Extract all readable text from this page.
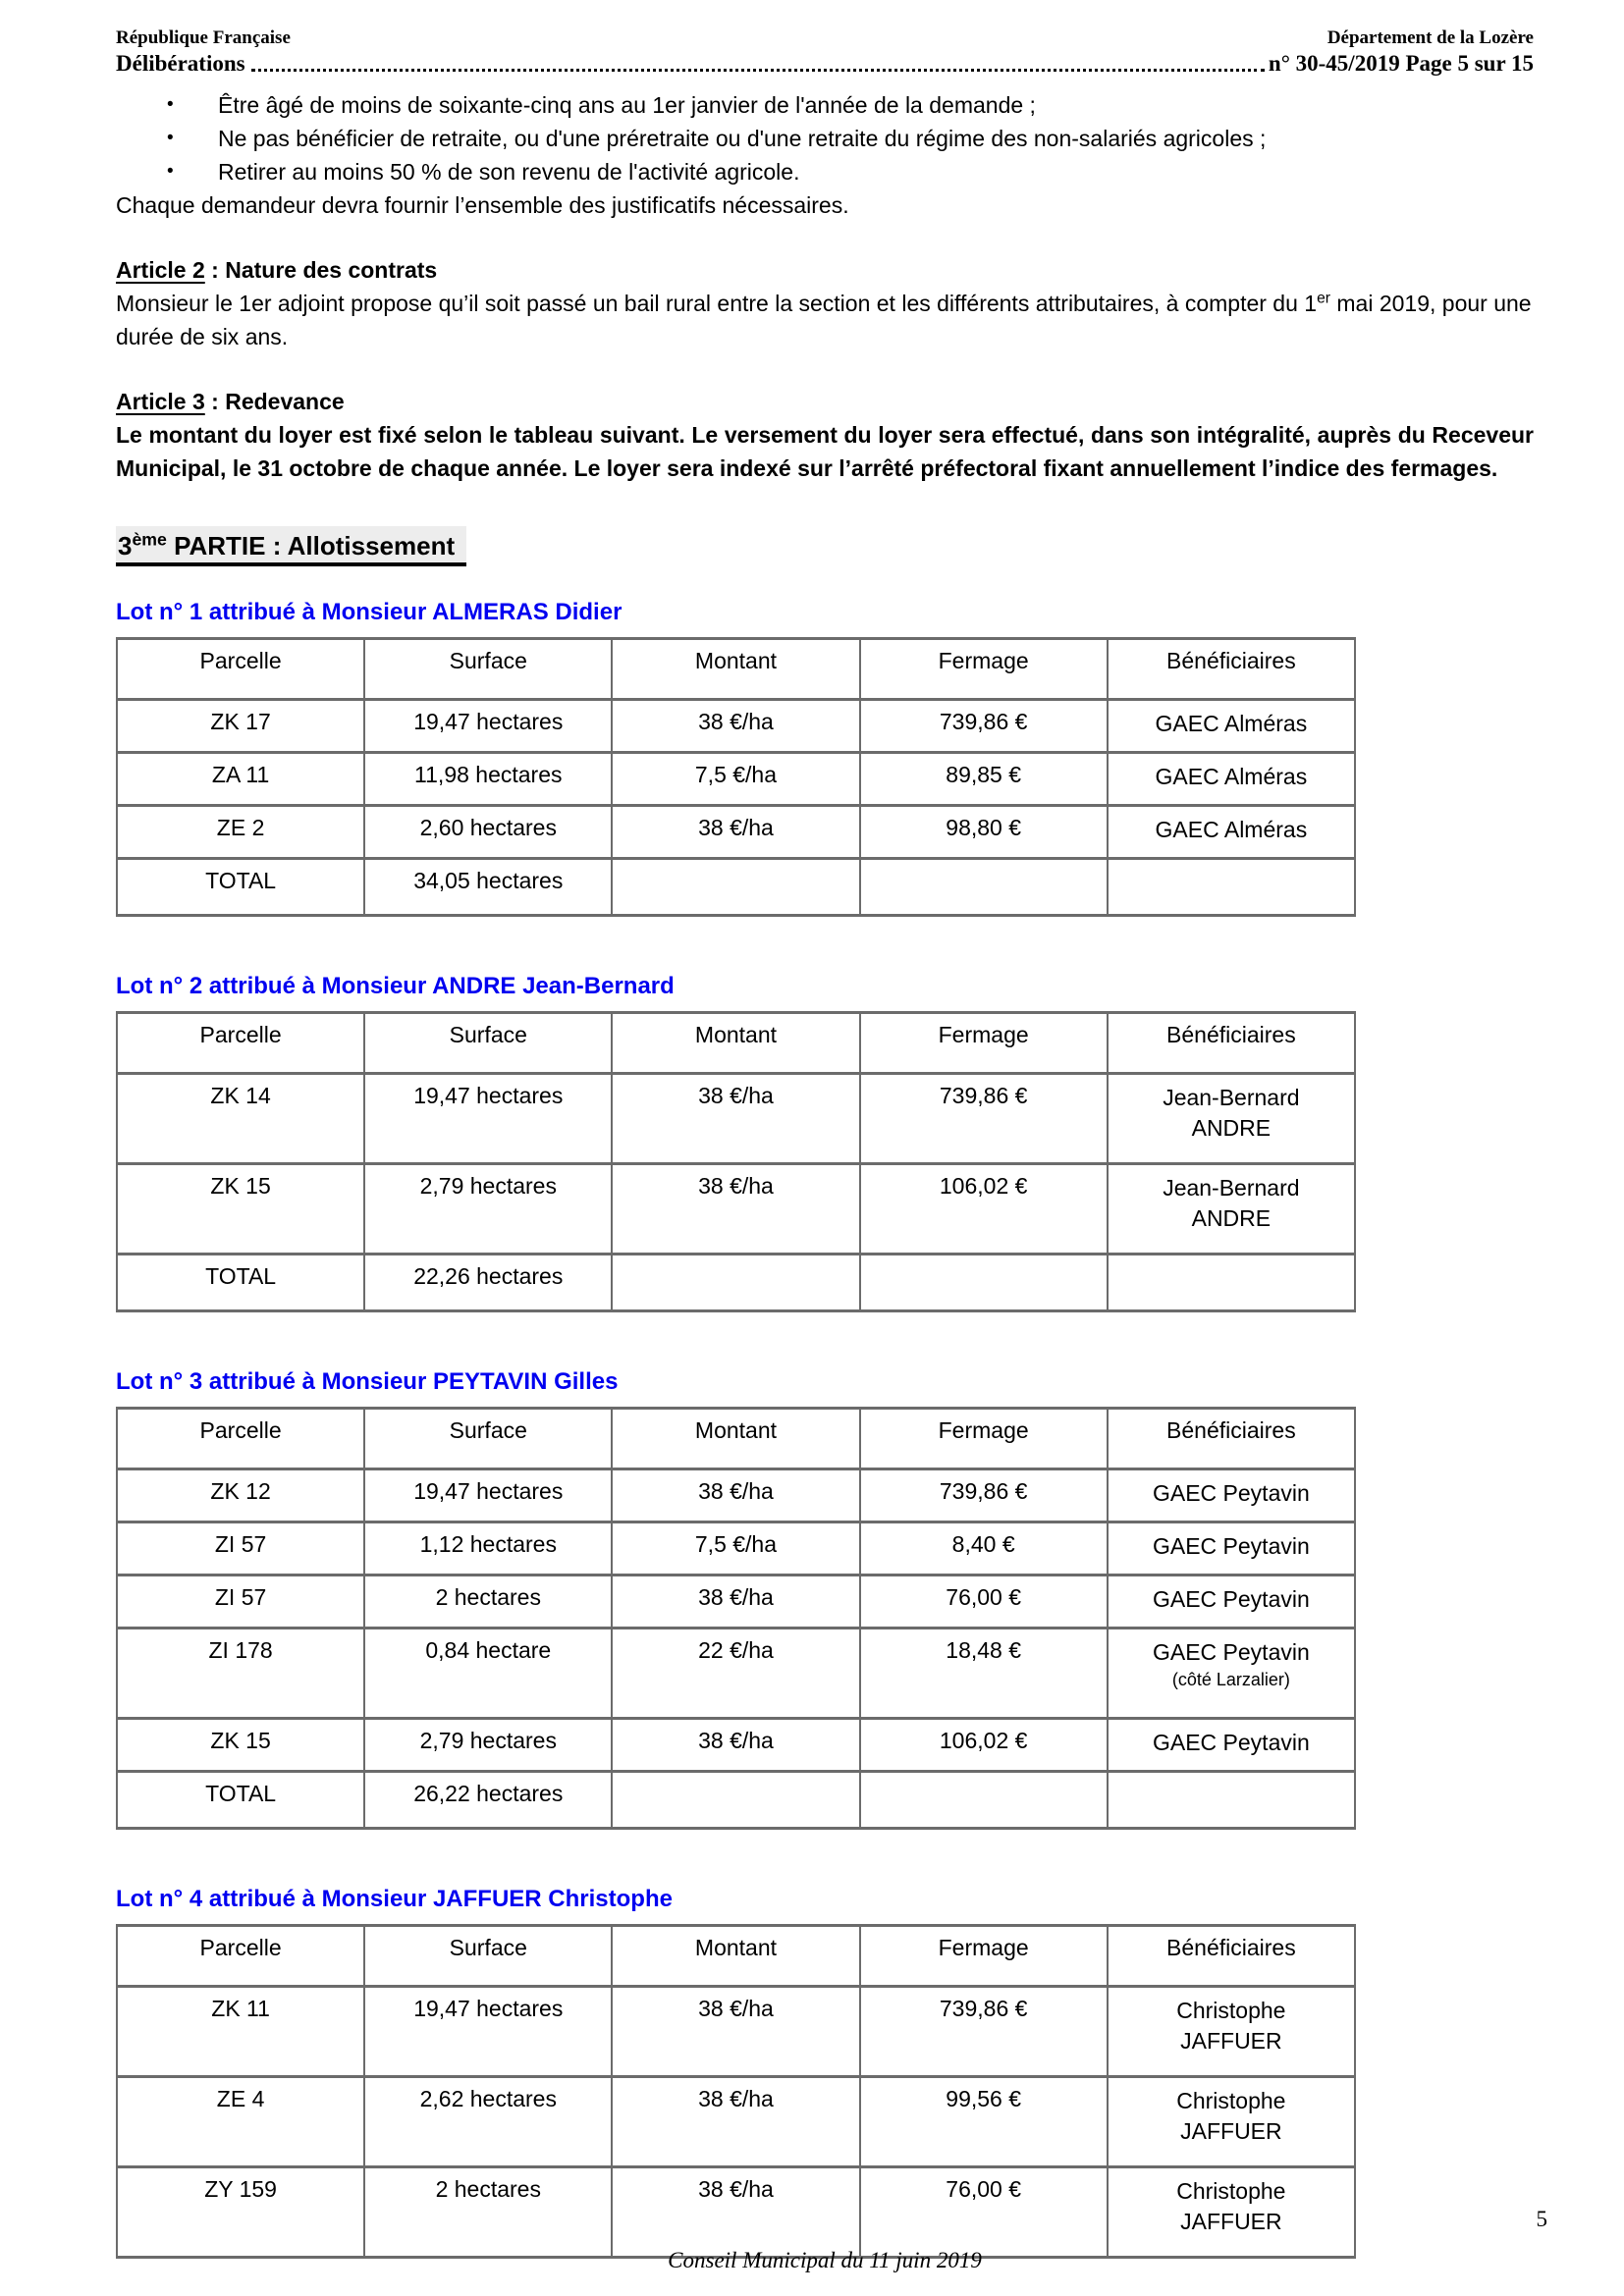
République Française	Département de la Lozère
Délibérations	n° 30-45/2019 Page 5 sur 15
•	Être âgé de moins de soixante-cinq ans au 1er janvier de l'année de la demande ;
•	Ne pas bénéficier de retraite, ou d'une préretraite ou d'une retraite du régime des non-salariés agricoles ;
•	Retirer au moins 50 % de son revenu de l'activité agricole.

Chaque demandeur devra fournir l’ensemble des justificatifs nécessaires.

Article 2 : Nature des contrats

Monsieur le 1er adjoint propose qu’il soit passé un bail rural entre la section et les différents attributaires, à compter du 1er mai 2019, pour une durée de six ans.

Article 3 : Redevance

Le montant du loyer est fixé selon le tableau suivant. Le versement du loyer sera effectué, dans son intégralité, auprès du Receveur Municipal, le 31 octobre de chaque année. Le loyer sera indexé sur l’arrêté préfectoral fixant annuellement l’indice des fermages.

3ème PARTIE : Allotissement
Lot n° 1 attribué à Monsieur ALMERAS Didier
Parcelle	Surface	Montant	Fermage	Bénéficiaires
ZK 17	19,47 hectares	38 €/ha	739,86 €	GAEC Alméras

ZA 11	11,98 hectares	7,5 €/ha	89,85 €	GAEC Alméras

ZE 2	2,60 hectares	38 €/ha	98,80 €	GAEC Alméras

TOTAL	34,05 hectares			
Lot n° 2 attribué à Monsieur ANDRE Jean-Bernard
Parcelle	Surface	Montant	Fermage	Bénéficiaires
ZK 14	19,47 hectares	38 €/ha	739,86 €	Jean-Bernard
ANDRE

ZK 15	2,79 hectares	38 €/ha	106,02 €	Jean-Bernard
ANDRE

TOTAL	22,26 hectares			
Lot n° 3 attribué à Monsieur PEYTAVIN Gilles
Parcelle	Surface	Montant	Fermage	Bénéficiaires
ZK 12	19,47 hectares	38 €/ha	739,86 €	GAEC Peytavin

ZI 57	1,12 hectares	7,5 €/ha	8,40 €	GAEC Peytavin

ZI 57	2 hectares	38 €/ha	76,00 €	GAEC Peytavin

ZI 178	0,84 hectare	22 €/ha	18,48 €	GAEC Peytavin
(côté Larzalier)

ZK 15	2,79 hectares	38 €/ha	106,02 €	GAEC Peytavin

TOTAL	26,22 hectares			
Lot n° 4 attribué à Monsieur JAFFUER Christophe
Parcelle	Surface	Montant	Fermage	Bénéficiaires
ZK 11	19,47 hectares	38 €/ha	739,86 €	Christophe
JAFFUER

ZE 4	2,62 hectares	38 €/ha	99,56 €	Christophe
JAFFUER

ZY 159	2 hectares	38 €/ha	76,00 €	Christophe
JAFFUER	5
Conseil Municipal du 11 juin 2019
